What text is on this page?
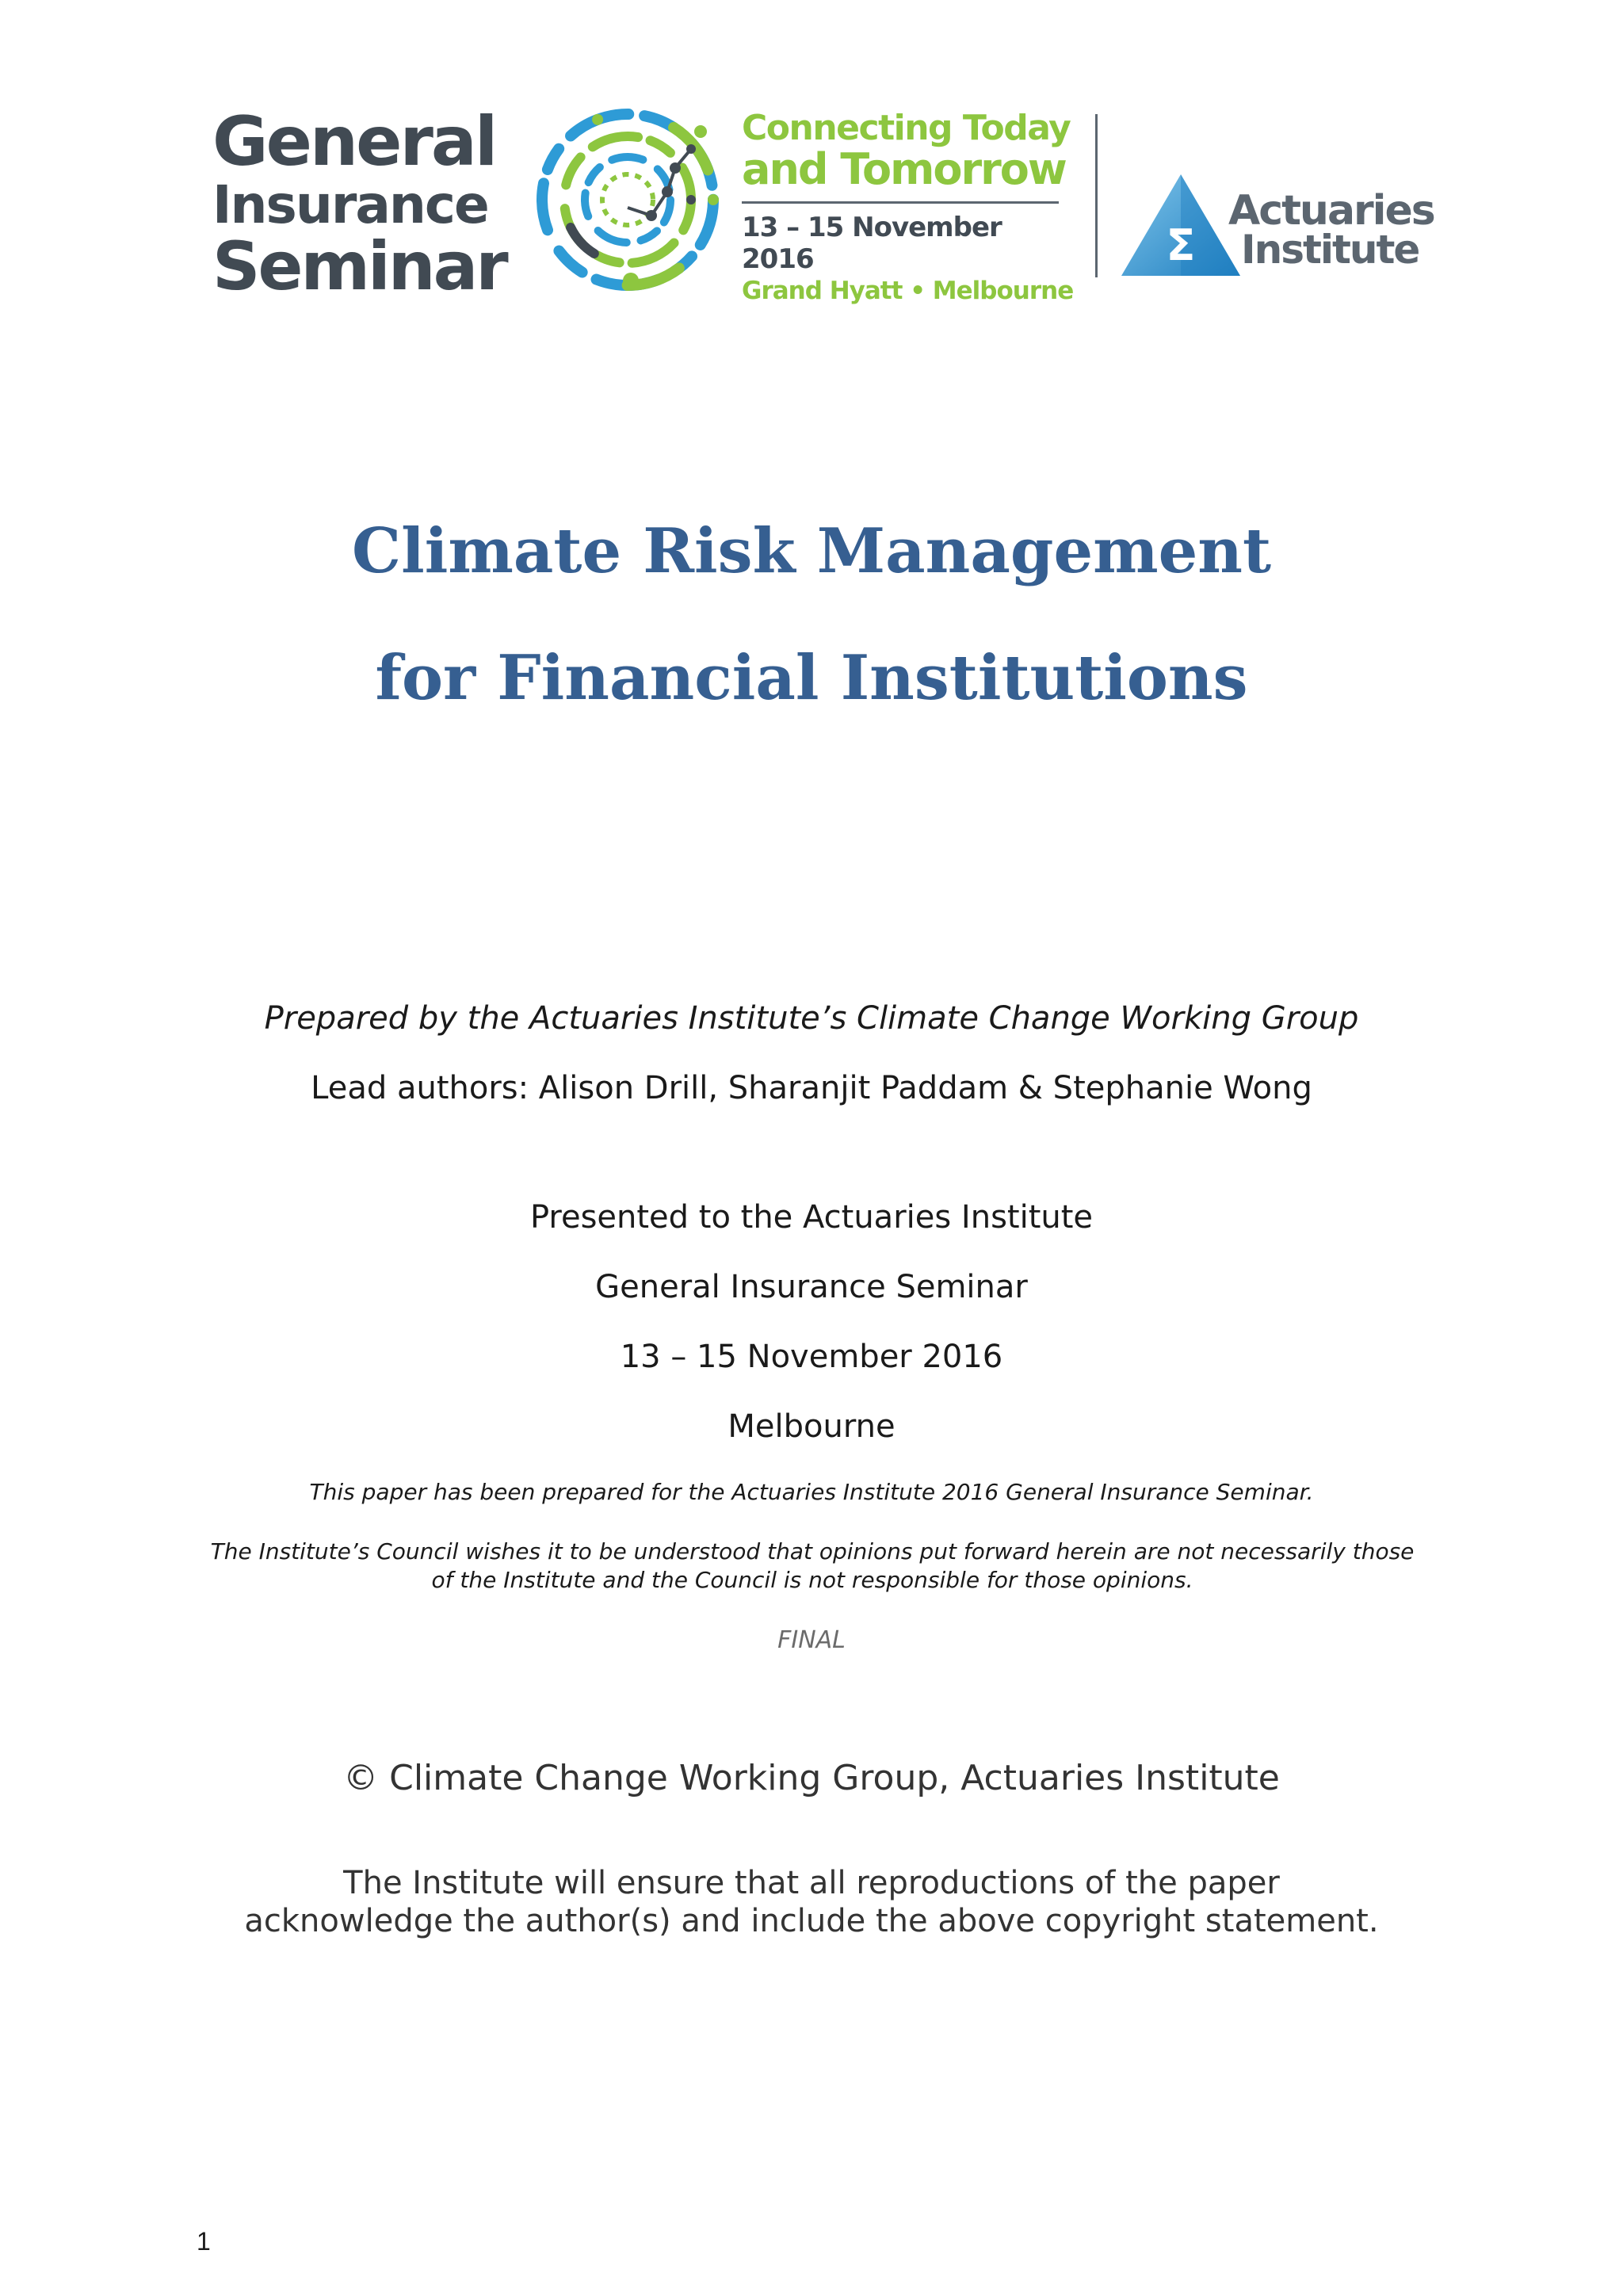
General
Insurance
Seminar
Connecting Today
and Tomorrow
13 – 15 November 2016
Grand Hyatt • Melbourne
Σ
Actuaries
Institute
Climate Risk Management
for Financial Institutions

Prepared by the Actuaries Institute’s Climate Change Working Group

Lead authors: Alison Drill, Sharanjit Paddam & Stephanie Wong

Presented to the Actuaries Institute

General Insurance Seminar

13 – 15 November 2016

Melbourne

This paper has been prepared for the Actuaries Institute 2016 General Insurance Seminar.

The Institute’s Council wishes it to be understood that opinions put forward herein are not necessarily those of the Institute and the Council is not responsible for those opinions.

FINAL

© Climate Change Working Group, Actuaries Institute

The Institute will ensure that all reproductions of the paper acknowledge the author(s) and include the above copyright statement.

1
